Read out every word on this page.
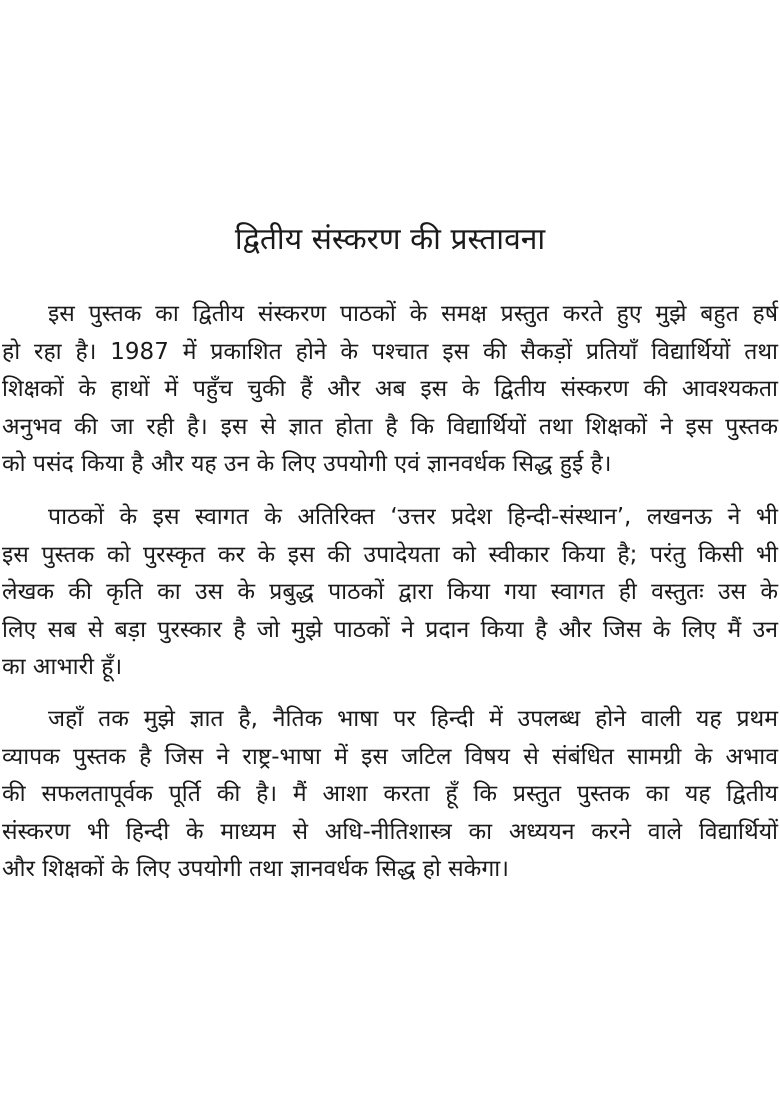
द्वितीय संस्करण की प्रस्तावना
इस पुस्तक का द्वितीय संस्करण पाठकों के समक्ष प्रस्तुत करते हुए मुझे बहुत हर्ष
हो रहा है। 1987 में प्रकाशित होने के पश्चात इस की सैकड़ों प्रतियाँ विद्यार्थियों तथा
शिक्षकों के हाथों में पहुँच चुकी हैं और अब इस के द्वितीय संस्करण की आवश्यकता
अनुभव की जा रही है। इस से ज्ञात होता है कि विद्यार्थियों तथा शिक्षकों ने इस पुस्तक
को पसंद किया है और यह उन के लिए उपयोगी एवं ज्ञानवर्धक सिद्ध हुई है।
पाठकों के इस स्वागत के अतिरिक्त ‘उत्तर प्रदेश हिन्दी-संस्थान’, लखनऊ ने भी
इस पुस्तक को पुरस्कृत कर के इस की उपादेयता को स्वीकार किया है; परंतु किसी भी
लेखक की कृति का उस के प्रबुद्ध पाठकों द्वारा किया गया स्वागत ही वस्तुतः उस के
लिए सब से बड़ा पुरस्कार है जो मुझे पाठकों ने प्रदान किया है और जिस के लिए मैं उन
का आभारी हूँ।
जहाँ तक मुझे ज्ञात है, नैतिक भाषा पर हिन्दी में उपलब्ध होने वाली यह प्रथम
व्यापक पुस्तक है जिस ने राष्ट्र-भाषा में इस जटिल विषय से संबंधित सामग्री के अभाव
की सफलतापूर्वक पूर्ति की है। मैं आशा करता हूँ कि प्रस्तुत पुस्तक का यह द्वितीय
संस्करण भी हिन्दी के माध्यम से अधि-नीतिशास्त्र का अध्ययन करने वाले विद्यार्थियों
और शिक्षकों के लिए उपयोगी तथा ज्ञानवर्धक सिद्ध हो सकेगा।
